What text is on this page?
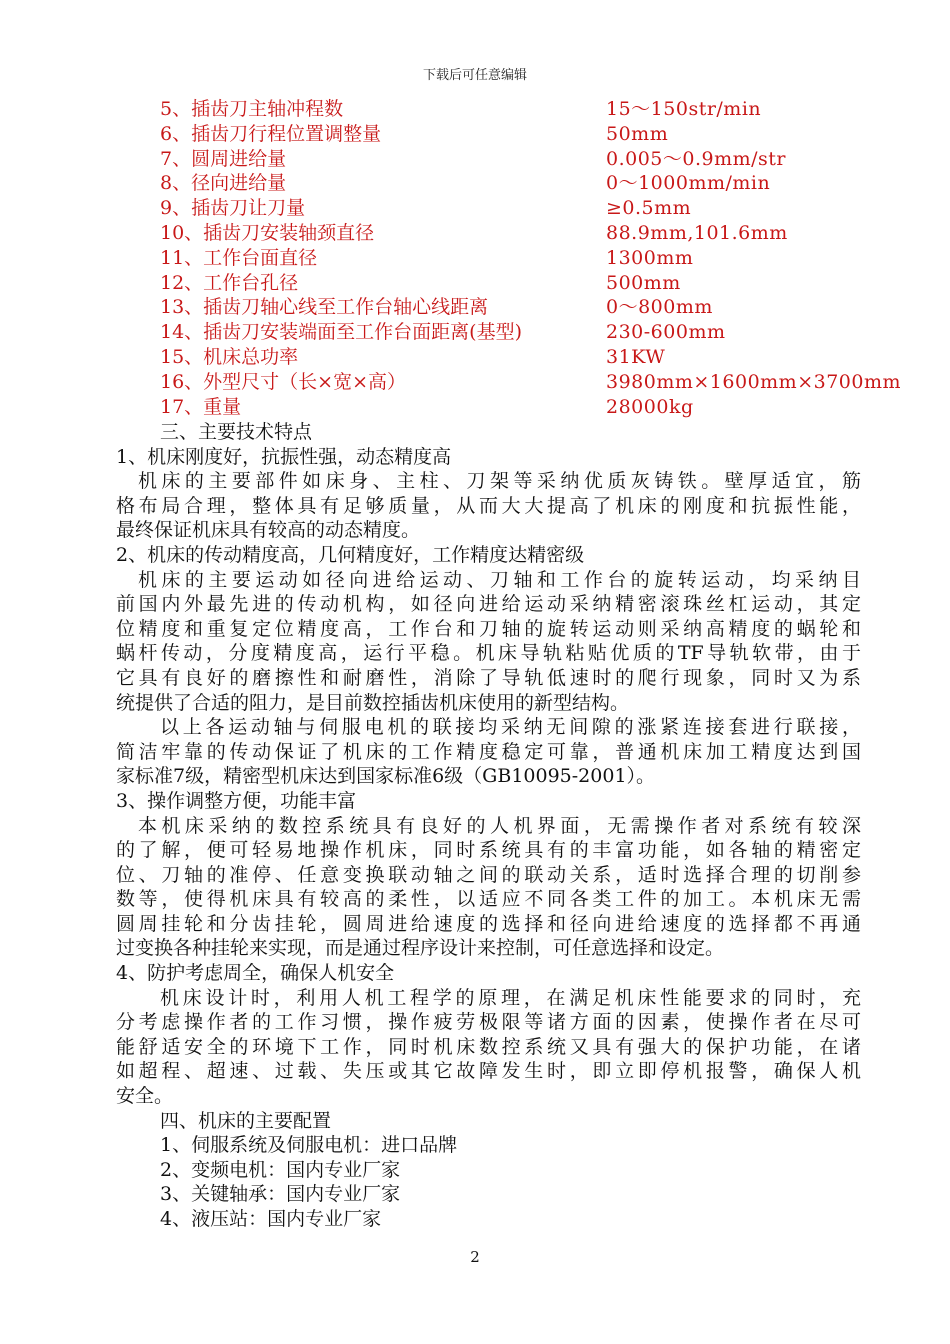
下载后可任意编辑
5、插齿刀主轴冲程数	15～150str/min
6、插齿刀行程位置调整量	50mm
7、圆周进给量	0.005～0.9mm/str
8、径向进给量	0～1000mm/min
9、插齿刀让刀量	≥0.5mm
10、插齿刀安装轴颈直径	88.9mm,101.6mm
11、工作台面直径	1300mm
12、工作台孔径	500mm
13、插齿刀轴心线至工作台轴心线距离	0～800mm
14、插齿刀安装端面至工作台面距离(基型)	230-600mm
15、机床总功率	31KW
16、外型尺寸（长×宽×高）	3980mm×1600mm×3700mm
17、重量	28000kg
三、主要技术特点
1、机床刚度好，抗振性强，动态精度高
机床的主要部件如床身、主柱、刀架等采纳优质灰铸铁。壁厚适宜，筋
格布局合理，整体具有足够质量，从而大大提高了机床的刚度和抗振性能，
最终保证机床具有较高的动态精度。
2、机床的传动精度高，几何精度好，工作精度达精密级
机床的主要运动如径向进给运动、刀轴和工作台的旋转运动，均采纳目
前国内外最先进的传动机构，如径向进给运动采纳精密滚珠丝杠运动，其定
位精度和重复定位精度高，工作台和刀轴的旋转运动则采纳高精度的蜗轮和
蜗杆传动，分度精度高，运行平稳。机床导轨粘贴优质的TF导轨软带，由于
它具有良好的磨擦性和耐磨性，消除了导轨低速时的爬行现象，同时又为系
统提供了合适的阻力，是目前数控插齿机床使用的新型结构。
以上各运动轴与伺服电机的联接均采纳无间隙的涨紧连接套进行联接，
简洁牢靠的传动保证了机床的工作精度稳定可靠，普通机床加工精度达到国
家标准7级，精密型机床达到国家标准6级（GB10095-2001）。
3、操作调整方便，功能丰富
本机床采纳的数控系统具有良好的人机界面，无需操作者对系统有较深
的了解，便可轻易地操作机床，同时系统具有的丰富功能，如各轴的精密定
位、刀轴的准停、任意变换联动轴之间的联动关系，适时选择合理的切削参
数等，使得机床具有较高的柔性，以适应不同各类工件的加工。本机床无需
圆周挂轮和分齿挂轮，圆周进给速度的选择和径向进给速度的选择都不再通
过变换各种挂轮来实现，而是通过程序设计来控制，可任意选择和设定。
4、防护考虑周全，确保人机安全
机床设计时，利用人机工程学的原理，在满足机床性能要求的同时，充
分考虑操作者的工作习惯，操作疲劳极限等诸方面的因素，使操作者在尽可
能舒适安全的环境下工作，同时机床数控系统又具有强大的保护功能，在诸
如超程、超速、过载、失压或其它故障发生时，即立即停机报警，确保人机
安全。
四、机床的主要配置
1、伺服系统及伺服电机：进口品牌
2、变频电机：国内专业厂家
3、关键轴承：国内专业厂家
4、液压站：国内专业厂家
2
